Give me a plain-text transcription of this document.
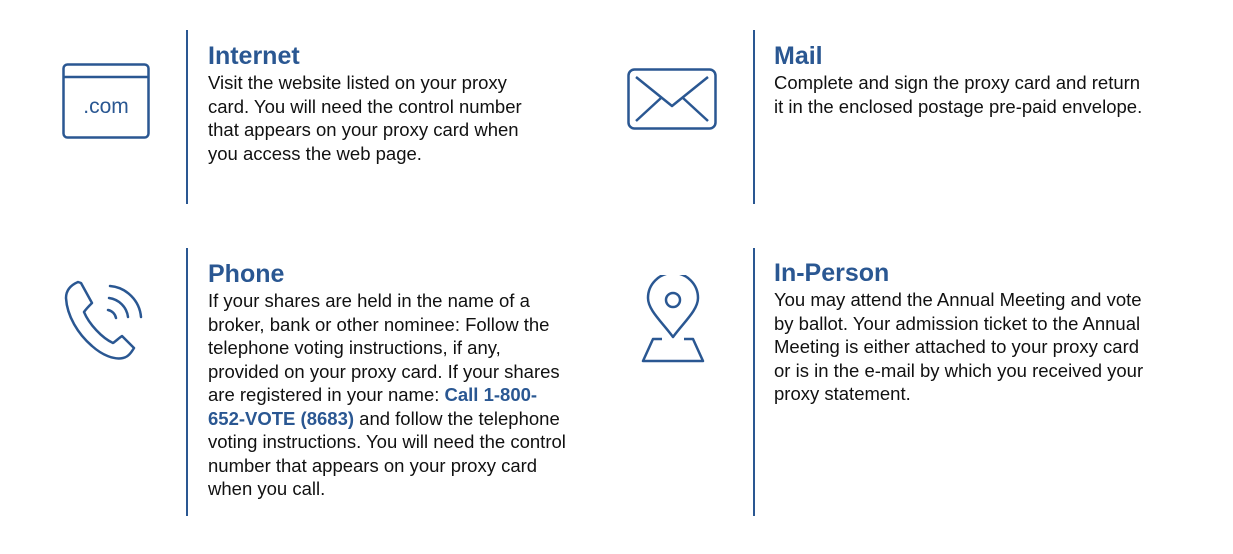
.com
Internet

Visit the website listed on your proxy
card. You will need the control number
that appears on your proxy card when
you access the web page.

Mail

Complete and sign the proxy card and return
it in the enclosed postage pre-paid envelope.

Phone

If your shares are held in the name of a
broker, bank or other nominee: Follow the
telephone voting instructions, if any,
provided on your proxy card. If your shares
are registered in your name: Call 1-800-
652-VOTE (8683) and follow the telephone
voting instructions. You will need the control
number that appears on your proxy card
when you call.

In-Person

You may attend the Annual Meeting and vote
by ballot. Your admission ticket to the Annual
Meeting is either attached to your proxy card
or is in the e-mail by which you received your
proxy statement.
